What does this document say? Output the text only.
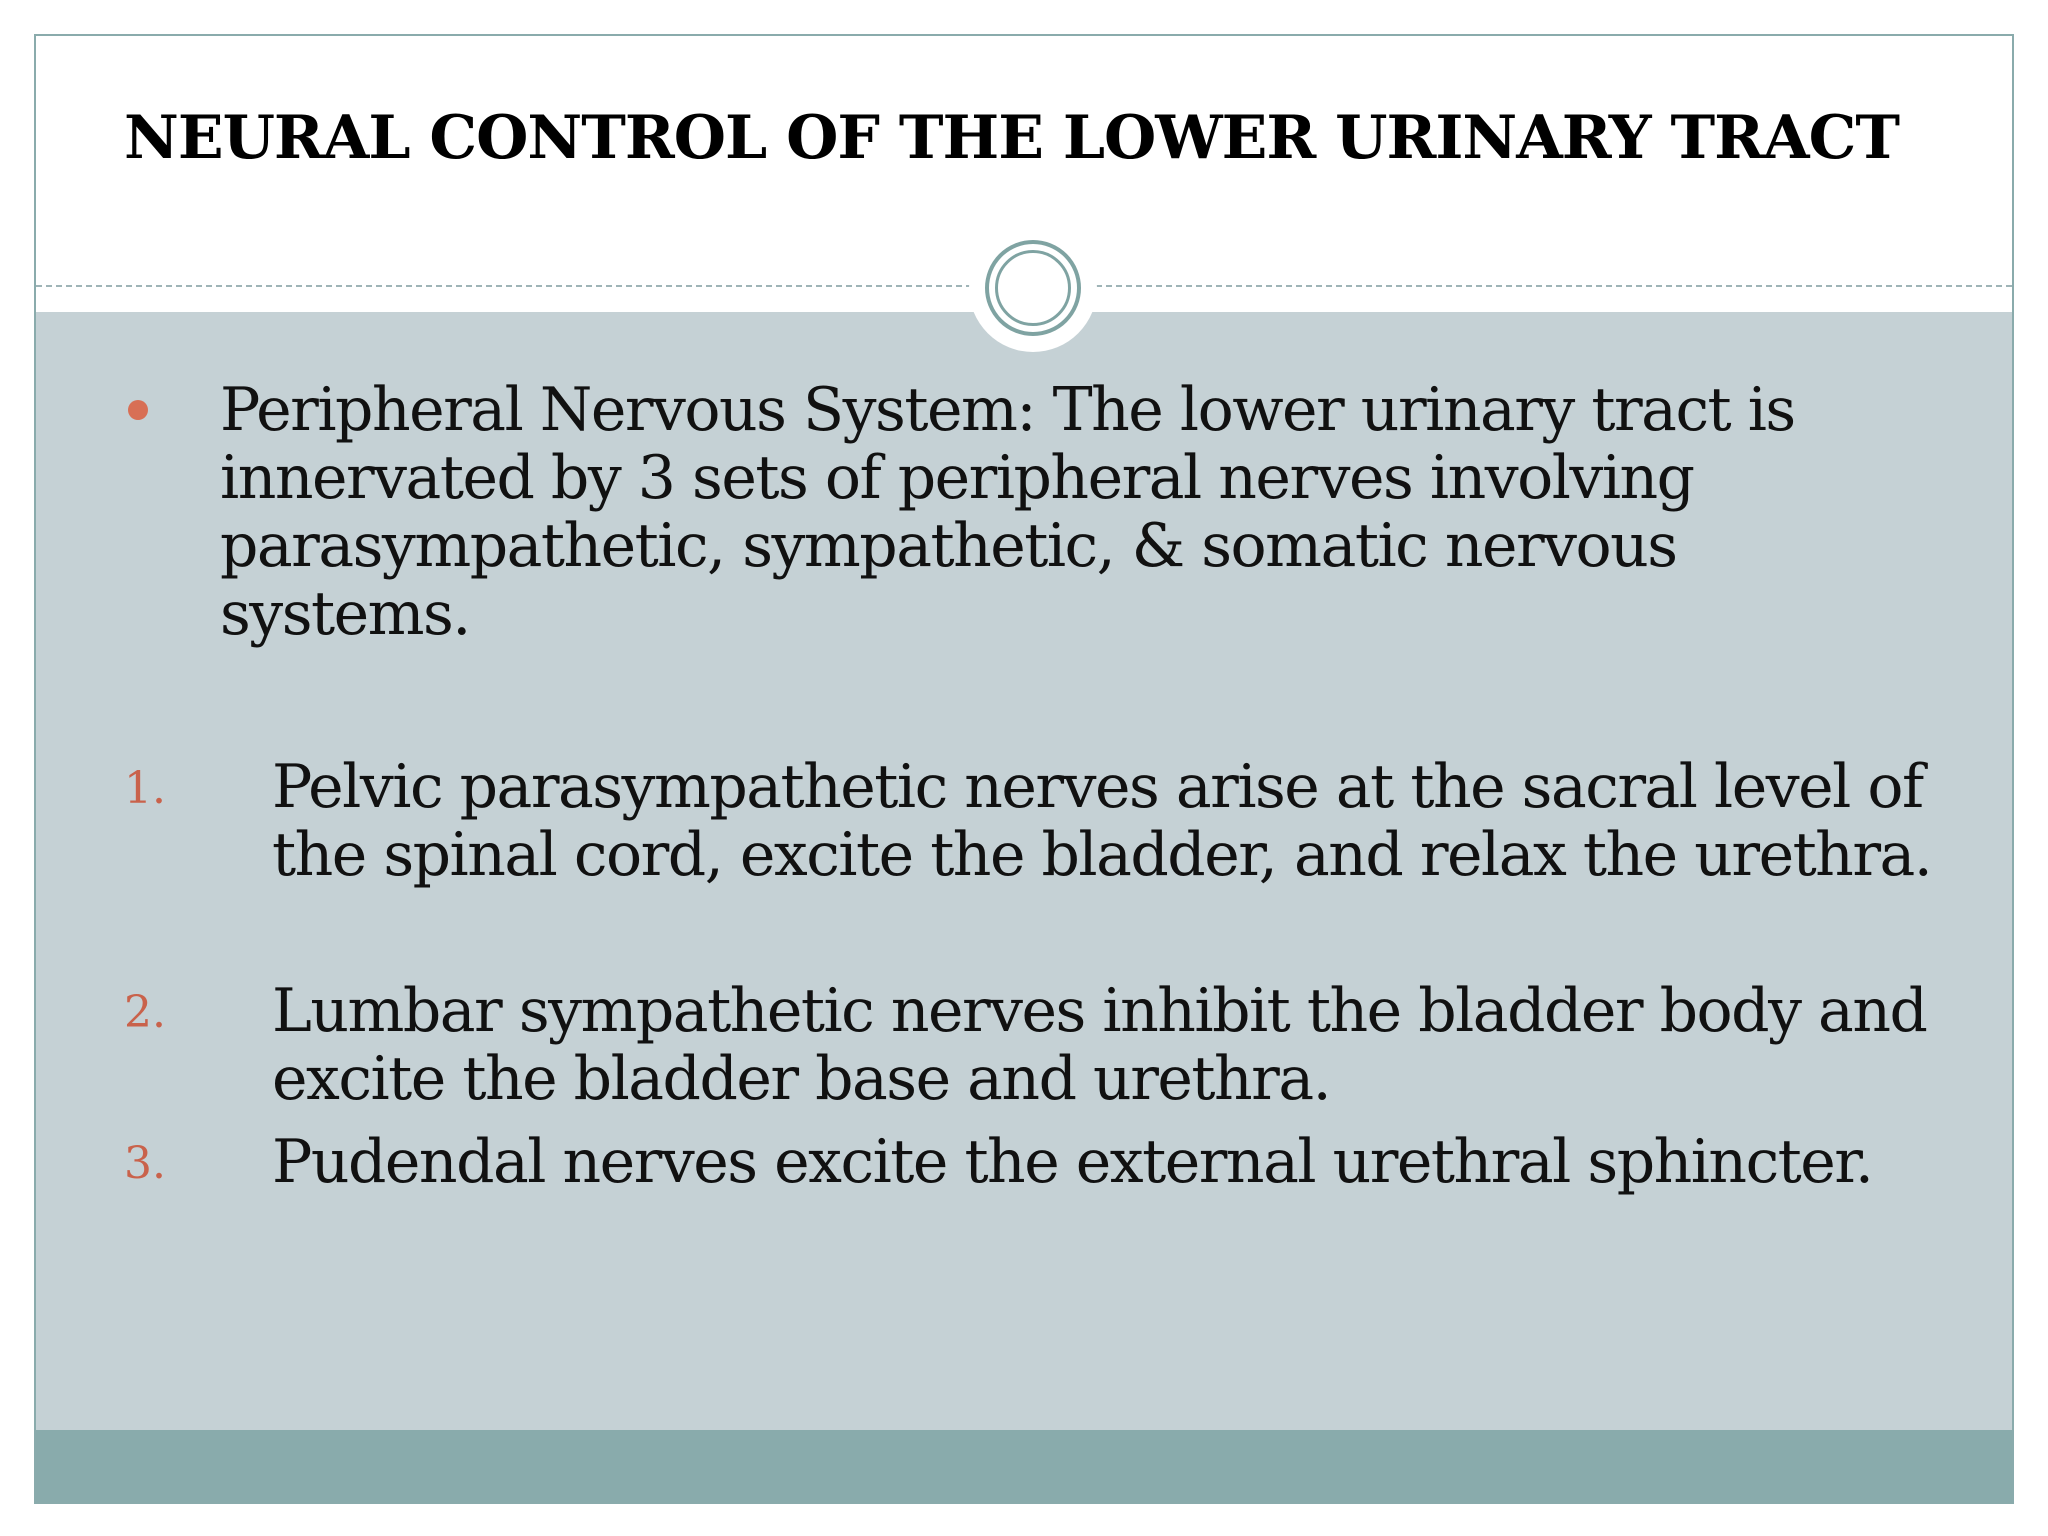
NEURAL CONTROL OF THE LOWER URINARY TRACT
Peripheral Nervous System: The lower urinary tract is innervated by 3 sets of peripheral nerves involving parasympathetic, sympathetic, & somatic nervous systems.
1. Pelvic parasympathetic nerves arise at the sacral level of the spinal cord, excite the bladder, and relax the urethra.
2. Lumbar sympathetic nerves inhibit the bladder body and excite the bladder base and urethra.
3. Pudendal nerves excite the external urethral sphincter.
